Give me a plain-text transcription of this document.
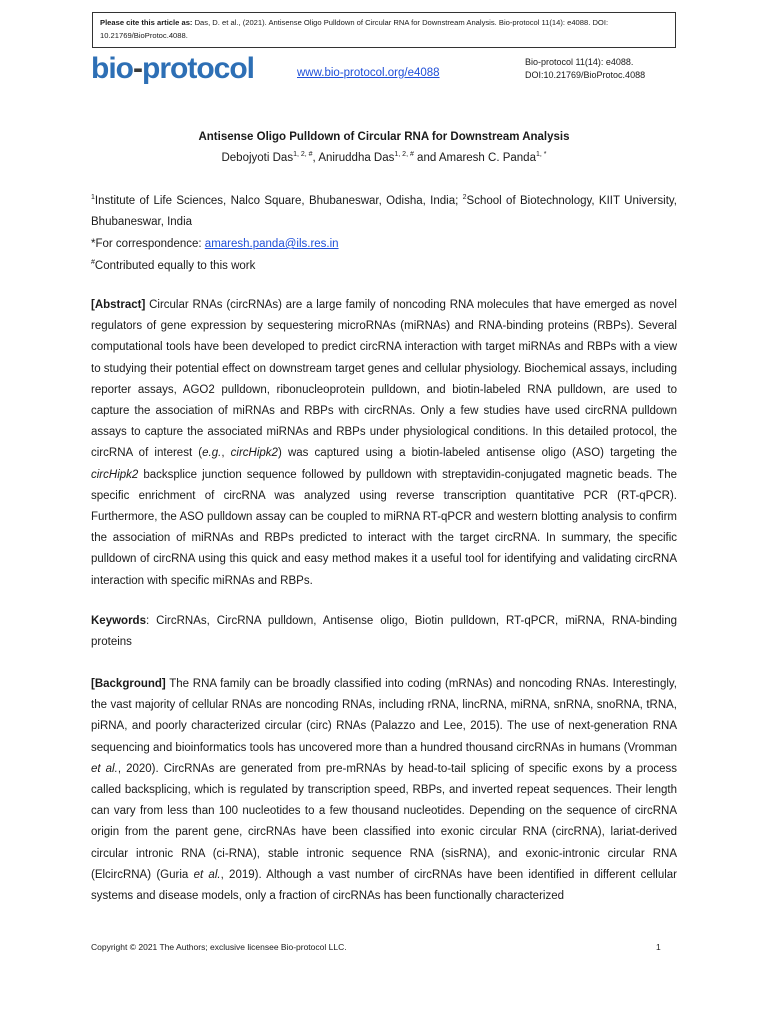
Please cite this article as: Das, D. et al., (2021). Antisense Oligo Pulldown of Circular RNA for Downstream Analysis. Bio-protocol 11(14): e4088. DOI: 10.21769/BioProtoc.4088.
bio-protocol	www.bio-protocol.org/e4088
Bio-protocol 11(14): e4088.
DOI:10.21769/BioProtoc.4088
Antisense Oligo Pulldown of Circular RNA for Downstream Analysis
Debojyoti Das$^{1, 2, \#}$, Aniruddha Das$^{1, 2, \#}$ and Amaresh C. Panda$^{1, *}$
$^1$Institute of Life Sciences, Nalco Square, Bhubaneswar, Odisha, India; $^2$School of Biotechnology, KIIT University, Bhubaneswar, India
*For correspondence: amaresh.panda@ils.res.in
#Contributed equally to this work
[Abstract] Circular RNAs (circRNAs) are a large family of noncoding RNA molecules that have emerged as novel regulators of gene expression by sequestering microRNAs (miRNAs) and RNA-binding proteins (RBPs). Several computational tools have been developed to predict circRNA interaction with target miRNAs and RBPs with a view to studying their potential effect on downstream target genes and cellular physiology. Biochemical assays, including reporter assays, AGO2 pulldown, ribonucleoprotein pulldown, and biotin-labeled RNA pulldown, are used to capture the association of miRNAs and RBPs with circRNAs. Only a few studies have used circRNA pulldown assays to capture the associated miRNAs and RBPs under physiological conditions. In this detailed protocol, the circRNA of interest (e.g., circHipk2) was captured using a biotin-labeled antisense oligo (ASO) targeting the circHipk2 backsplice junction sequence followed by pulldown with streptavidin-conjugated magnetic beads. The specific enrichment of circRNA was analyzed using reverse transcription quantitative PCR (RT-qPCR). Furthermore, the ASO pulldown assay can be coupled to miRNA RT-qPCR and western blotting analysis to confirm the association of miRNAs and RBPs predicted to interact with the target circRNA. In summary, the specific pulldown of circRNA using this quick and easy method makes it a useful tool for identifying and validating circRNA interaction with specific miRNAs and RBPs.
Keywords: CircRNAs, CircRNA pulldown, Antisense oligo, Biotin pulldown, RT-qPCR, miRNA, RNA-binding proteins
[Background] The RNA family can be broadly classified into coding (mRNAs) and noncoding RNAs. Interestingly, the vast majority of cellular RNAs are noncoding RNAs, including rRNA, lincRNA, miRNA, snRNA, snoRNA, tRNA, piRNA, and poorly characterized circular (circ) RNAs (Palazzo and Lee, 2015). The use of next-generation RNA sequencing and bioinformatics tools has uncovered more than a hundred thousand circRNAs in humans (Vromman et al., 2020). CircRNAs are generated from pre-mRNAs by head-to-tail splicing of specific exons by a process called backsplicing, which is regulated by transcription speed, RBPs, and inverted repeat sequences. Their length can vary from less than 100 nucleotides to a few thousand nucleotides. Depending on the sequence of circRNA origin from the parent gene, circRNAs have been classified into exonic circular RNA (circRNA), lariat-derived circular intronic RNA (ci-RNA), stable intronic sequence RNA (sisRNA), and exonic-intronic circular RNA (ElcircRNA) (Guria et al., 2019). Although a vast number of circRNAs have been identified in different cellular systems and disease models, only a fraction of circRNAs has been functionally characterized
Copyright © 2021 The Authors; exclusive licensee Bio-protocol LLC.	1
